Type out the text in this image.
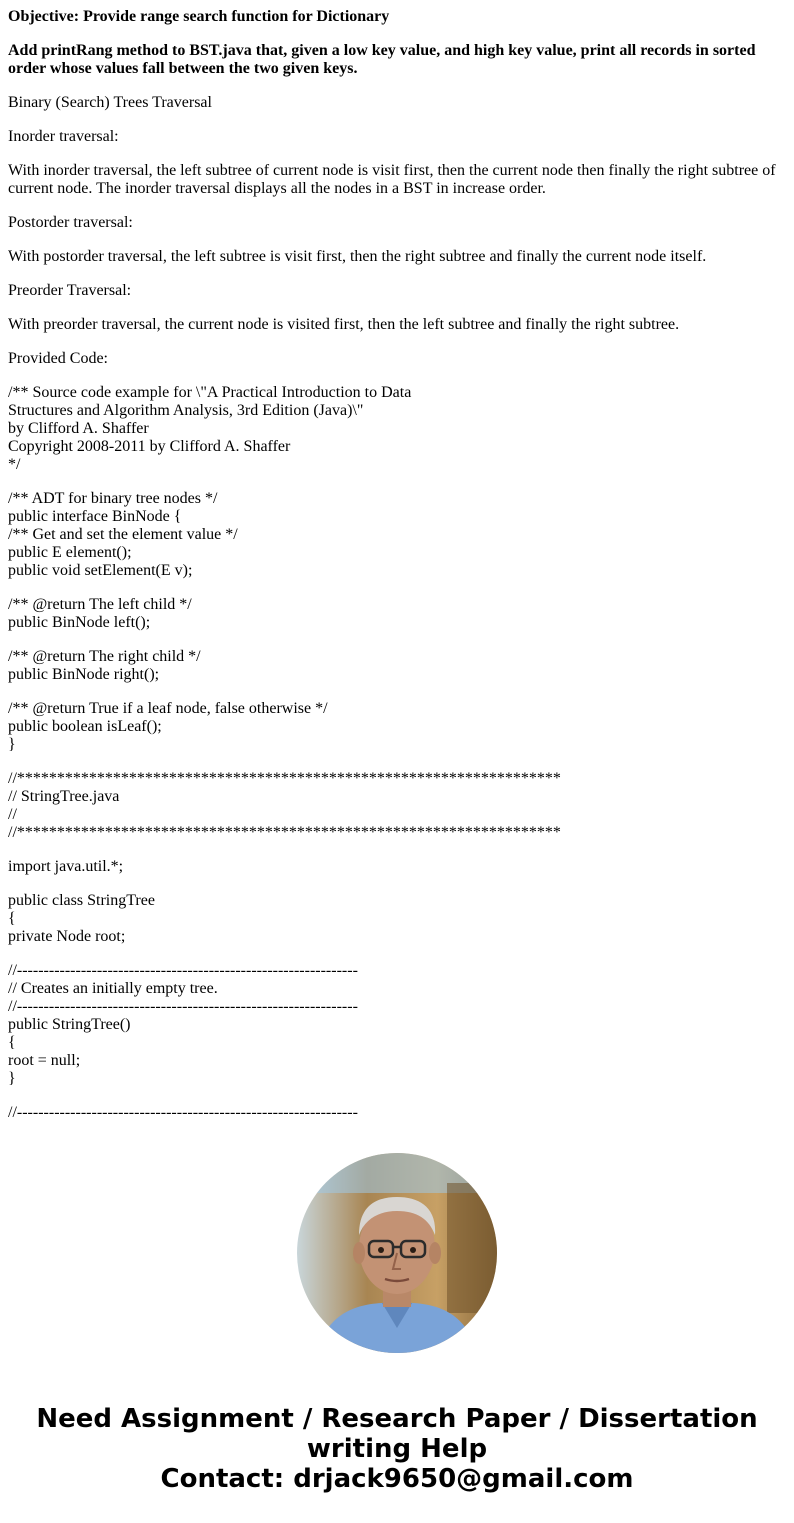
Objective: Provide range search function for Dictionary

Add printRang method to BST.java that, given a low key value, and high key value, print all records in sorted order whose values fall between the two given keys.

Binary (Search) Trees Traversal

Inorder traversal:

With inorder traversal, the left subtree of current node is visit first, then the current node then finally the right subtree of current node. The inorder traversal displays all the nodes in a BST in increase order.

Postorder traversal:

With postorder traversal, the left subtree is visit first, then the right subtree and finally the current node itself.

Preorder Traversal:

With preorder traversal, the current node is visited first, then the left subtree and finally the right subtree.

Provided Code:

/** Source code example for \"A Practical Introduction to Data
Structures and Algorithm Analysis, 3rd Edition (Java)\"
by Clifford A. Shaffer
Copyright 2008-2011 by Clifford A. Shaffer
*/
/** ADT for binary tree nodes */
public interface BinNode {
/** Get and set the element value */
public E element();
public void setElement(E v);
/** @return The left child */
public BinNode left();
/** @return The right child */
public BinNode right();
/** @return True if a leaf node, false otherwise */
public boolean isLeaf();
}
//********************************************************************
// StringTree.java
//
//********************************************************************
import java.util.*;
public class StringTree
{
private Node root;
//----------------------------------------------------------------
// Creates an initially empty tree.
//----------------------------------------------------------------
public StringTree()
{
root = null;
}
//----------------------------------------------------------------
Need Assignment / Research Paper / Dissertation
writing Help
Contact: drjack9650@gmail.com
